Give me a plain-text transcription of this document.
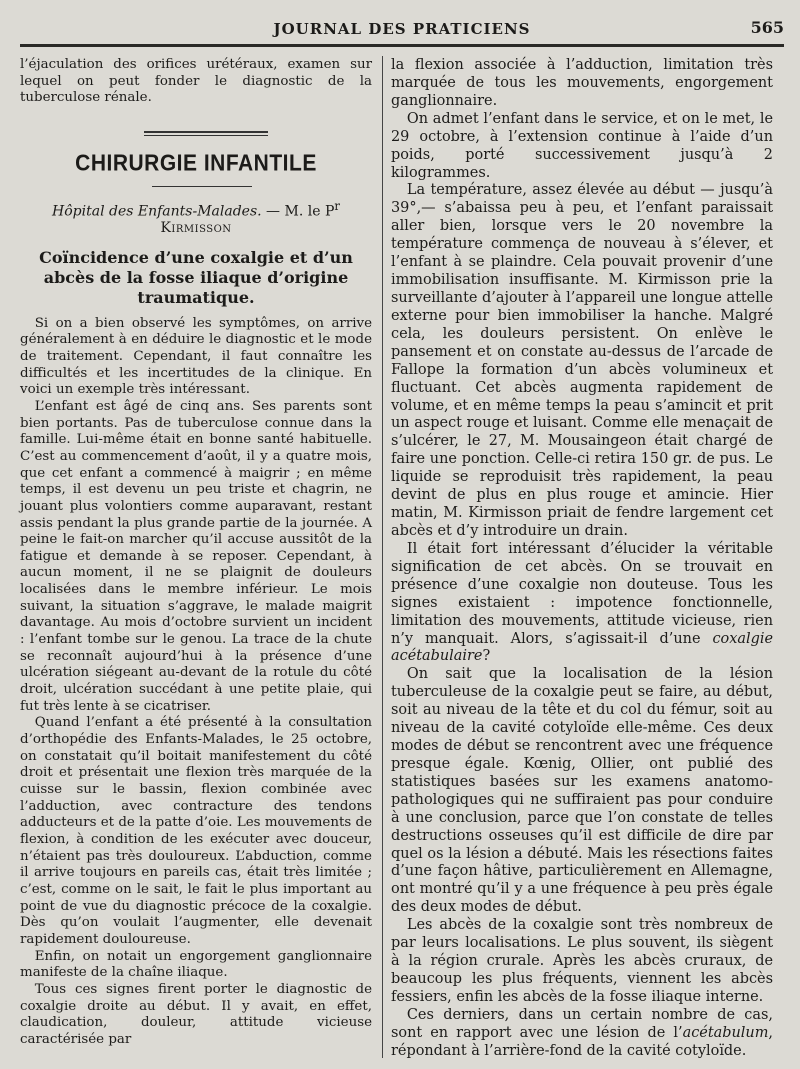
JOURNAL DES PRATICIENS	565

l’éjaculation des orifices urétéraux, examen sur lequel on peut fonder le diagnostic de la tuberculose rénale.

CHIRURGIE INFANTILE
Hôpital des Enfants-Malades. — M. le $P^r$ Kirmisson
Coïncidence d’une coxalgie et d’un abcès de la fosse iliaque d’origine traumatique.

Si on a bien observé les symptômes, on arrive généralement à en déduire le diagnostic et le mode de traitement. Cependant, il faut connaître les difficultés et les incertitudes de la clinique. En voici un exemple très intéressant.

L’enfant est âgé de cinq ans. Ses parents sont bien portants. Pas de tuberculose connue dans la famille. Lui-même était en bonne santé habituelle. C’est au commencement d’août, il y a quatre mois, que cet enfant a commencé à maigrir ; en même temps, il est devenu un peu triste et chagrin, ne jouant plus volontiers comme auparavant, restant assis pendant la plus grande partie de la journée. A peine le fait-on marcher qu’il accuse aussitôt de la fatigue et demande à se reposer. Cependant, à aucun moment, il ne se plaignit de douleurs localisées dans le membre inférieur. Le mois suivant, la situation s’aggrave, le malade maigrit davantage. Au mois d’octobre survient un incident : l’enfant tombe sur le genou. La trace de la chute se reconnaît aujourd’hui à la présence d’une ulcération siégeant au-devant de la rotule du côté droit, ulcération succédant à une petite plaie, qui fut très lente à se cicatriser.

Quand l’enfant a été présenté à la consultation d’orthopédie des Enfants-Malades, le 25 octobre, on constatait qu’il boitait manifestement du côté droit et présentait une flexion très marquée de la cuisse sur le bassin, flexion combinée avec l’adduction, avec contracture des tendons adducteurs et de la patte d’oie. Les mouvements de flexion, à condition de les exécuter avec douceur, n’étaient pas très douloureux. L’abduction, comme il arrive toujours en pareils cas, était très limitée ; c’est, comme on le sait, le fait le plus important au point de vue du diagnostic précoce de la coxalgie. Dès qu’on voulait l’augmenter, elle devenait rapidement douloureuse.

Enfin, on notait un engorgement ganglionnaire manifeste de la chaîne iliaque.

Tous ces signes firent porter le diagnostic de coxalgie droite au début. Il y avait, en effet, claudication, douleur, attitude vicieuse caractérisée par

la flexion associée à l’adduction, limitation très marquée de tous les mouvements, engorgement ganglionnaire.

On admet l’enfant dans le service, et on le met, le 29 octobre, à l’extension continue à l’aide d’un poids, porté successivement jusqu’à 2 kilogrammes.

La température, assez élevée au début — jusqu’à 39°,— s’abaissa peu à peu, et l’enfant paraissait aller bien, lorsque vers le 20 novembre la température commença de nouveau à s’élever, et l’enfant à se plaindre. Cela pouvait provenir d’une immobilisation insuffisante. M. Kirmisson prie la surveillante d’ajouter à l’appareil une longue attelle externe pour bien immobiliser la hanche. Malgré cela, les douleurs persistent. On enlève le pansement et on constate au-dessus de l’arcade de Fallope la formation d’un abcès volumineux et fluctuant. Cet abcès augmenta rapidement de volume, et en même temps la peau s’amincit et prit un aspect rouge et luisant. Comme elle menaçait de s’ulcérer, le 27, M. Mousaingeon était chargé de faire une ponction. Celle-ci retira 150 gr. de pus. Le liquide se reproduisit très rapidement, la peau devint de plus en plus rouge et amincie. Hier matin, M. Kirmisson priait de fendre largement cet abcès et d’y introduire un drain.

Il était fort intéressant d’élucider la véritable signification de cet abcès. On se trouvait en présence d’une coxalgie non douteuse. Tous les signes existaient : impotence fonctionnelle, limitation des mouvements, attitude vicieuse, rien n’y manquait. Alors, s’agissait-il d’une coxalgie acétabulaire?

On sait que la localisation de la lésion tuberculeuse de la coxalgie peut se faire, au début, soit au niveau de la tête et du col du fémur, soit au niveau de la cavité cotyloïde elle-même. Ces deux modes de début se rencontrent avec une fréquence presque égale. Kœnig, Ollier, ont publié des statistiques basées sur les examens anatomo-pathologiques qui ne suffiraient pas pour conduire à une conclusion, parce que l’on constate de telles destructions osseuses qu’il est difficile de dire par quel os la lésion a débuté. Mais les résections faites d’une façon hâtive, particulièrement en Allemagne, ont montré qu’il y a une fréquence à peu près égale des deux modes de début.

Les abcès de la coxalgie sont très nombreux de par leurs localisations. Le plus souvent, ils siègent à la région crurale. Après les abcès cruraux, de beaucoup les plus fréquents, viennent les abcès fessiers, enfin les abcès de la fosse iliaque interne.

Ces derniers, dans un certain nombre de cas, sont en rapport avec une lésion de l’acétabulum, répondant à l’arrière-fond de la cavité cotyloïde.
